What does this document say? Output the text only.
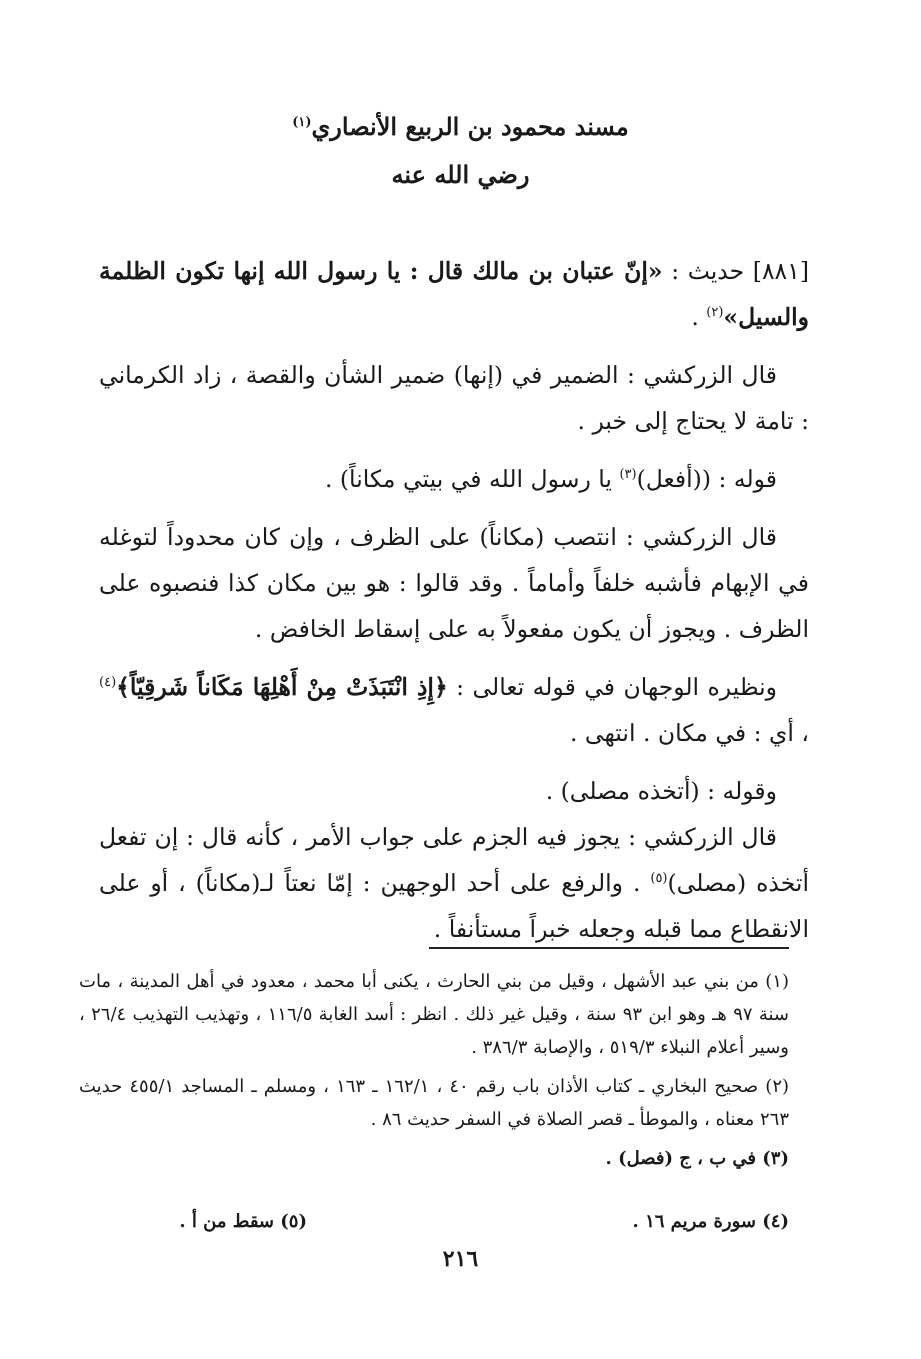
مسند محمود بن الربيع الأنصاري$^{(١)}$
رضي الله عنه

[٨٨١] حديث : «إنّ عتبان بن مالك قال : يا رسول الله إنها تكون الظلمة والسيل»$^{(٢)}$ .

قال الزركشي : الضمير في (إنها) ضمير الشأن والقصة ، زاد الكرماني : تامة لا يحتاج إلى خبر .

قوله : ((أفعل)$^{(٣)}$ يا رسول الله في بيتي مكاناً) .

قال الزركشي : انتصب (مكاناً) على الظرف ، وإن كان محدوداً لتوغله في الإبهام فأشبه خلفاً وأماماً . وقد قالوا : هو بين مكان كذا فنصبوه على الظرف . ويجوز أن يكون مفعولاً به على إسقاط الخافض .

ونظيره الوجهان في قوله تعالى : ﴿إِذِ انْتَبَذَتْ مِنْ أَهْلِهَا مَكَاناً شَرقِيّاً﴾$^{(٤)}$ ، أي : في مكان . انتهى .

وقوله : (أتخذه مصلى) .

قال الزركشي : يجوز فيه الجزم على جواب الأمر ، كأنه قال : إن تفعل أتخذه (مصلى)$^{(٥)}$ . والرفع على أحد الوجهين : إمّا نعتاً لـ(مكاناً) ، أو على الانقطاع مما قبله وجعله خبراً مستأنفاً .

(١) من بني عبد الأشهل ، وقيل من بني الحارث ، يكنى أبا محمد ، معدود في أهل المدينة ، مات سنة ٩٧ هـ وهو ابن ٩٣ سنة ، وقيل غير ذلك . انظر : أسد الغابة ١١٦/٥ ، وتهذيب التهذيب ٢٦/٤ ، وسير أعلام النبلاء ٥١٩/٣ ، والإصابة ٣٨٦/٣ .

(٢) صحيح البخاري ـ كتاب الأذان باب رقم ٤٠ ، ١٦٢/١ ـ ١٦٣ ، ومسلم ـ المساجد ٤٥٥/١ حديث ٢٦٣ معناه ، والموطأ ـ قصر الصلاة في السفر حديث ٨٦ .

(٣) في ب ، ج (فصل) .

(٤) سورة مريم ١٦ .
(٥) سقط من أ .
٢١٦
